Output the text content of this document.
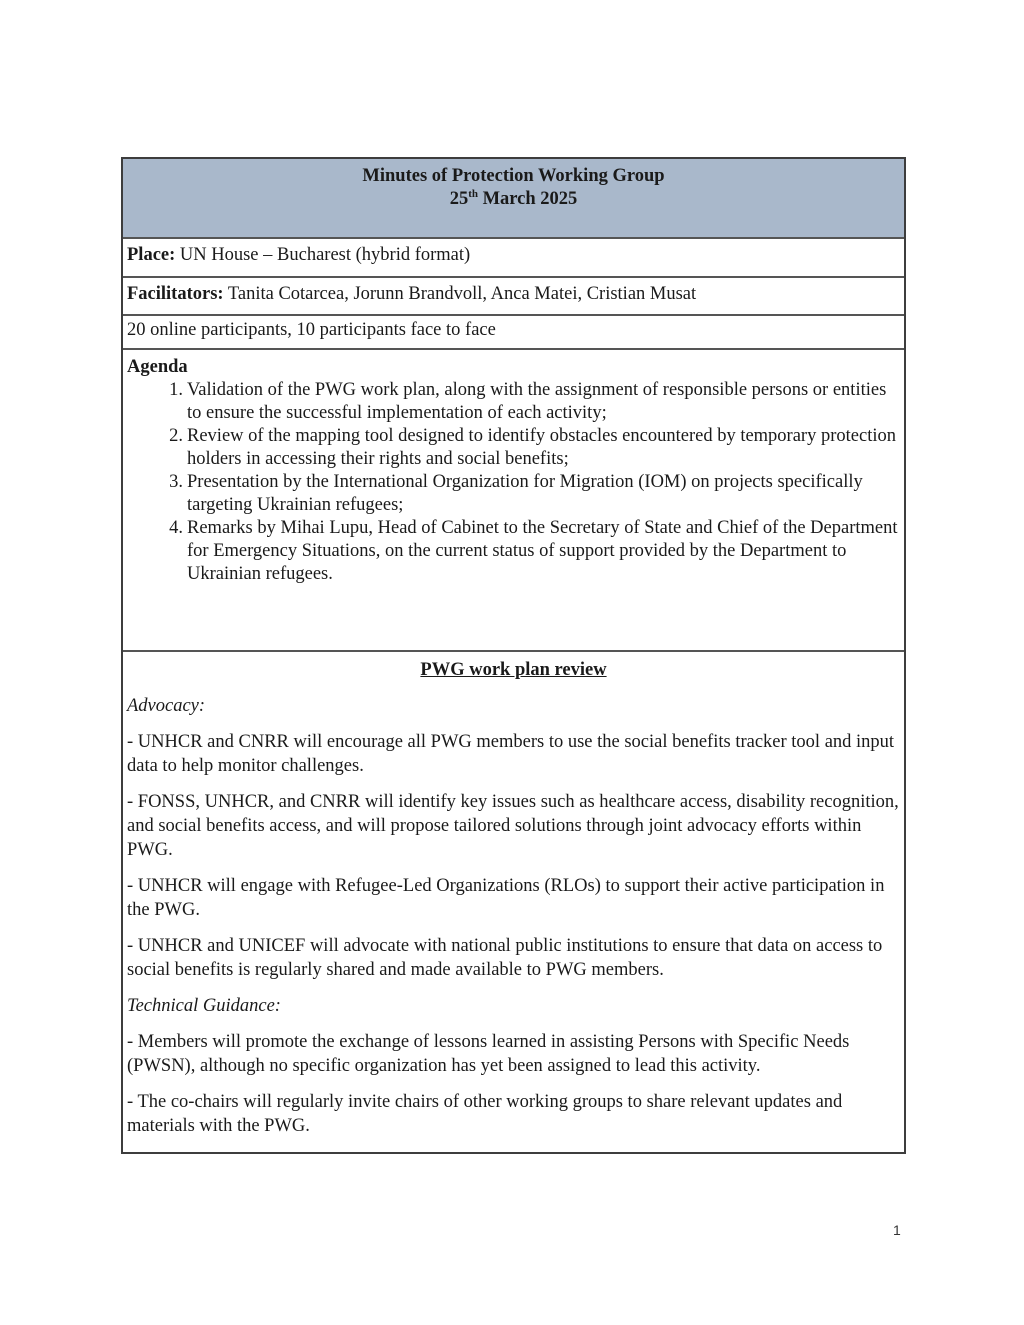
Minutes of Protection Working Group
25th March 2025
Place: UN House – Bucharest (hybrid format)
Facilitators: Tanita Cotarcea, Jorunn Brandvoll, Anca Matei, Cristian Musat
20 online participants, 10 participants face to face
Agenda
1. Validation of the PWG work plan, along with the assignment of responsible persons or entities to ensure the successful implementation of each activity;
2. Review of the mapping tool designed to identify obstacles encountered by temporary protection holders in accessing their rights and social benefits;
3. Presentation by the International Organization for Migration (IOM) on projects specifically targeting Ukrainian refugees;
4. Remarks by Mihai Lupu, Head of Cabinet to the Secretary of State and Chief of the Department for Emergency Situations, on the current status of support provided by the Department to Ukrainian refugees.
PWG work plan review

Advocacy:

- UNHCR and CNRR will encourage all PWG members to use the social benefits tracker tool and input data to help monitor challenges.

- FONSS, UNHCR, and CNRR will identify key issues such as healthcare access, disability recognition, and social benefits access, and will propose tailored solutions through joint advocacy efforts within PWG.

- UNHCR will engage with Refugee-Led Organizations (RLOs) to support their active participation in the PWG.

- UNHCR and UNICEF will advocate with national public institutions to ensure that data on access to social benefits is regularly shared and made available to PWG members.

Technical Guidance:

- Members will promote the exchange of lessons learned in assisting Persons with Specific Needs (PWSN), although no specific organization has yet been assigned to lead this activity.

- The co-chairs will regularly invite chairs of other working groups to share relevant updates and materials with the PWG.

1
